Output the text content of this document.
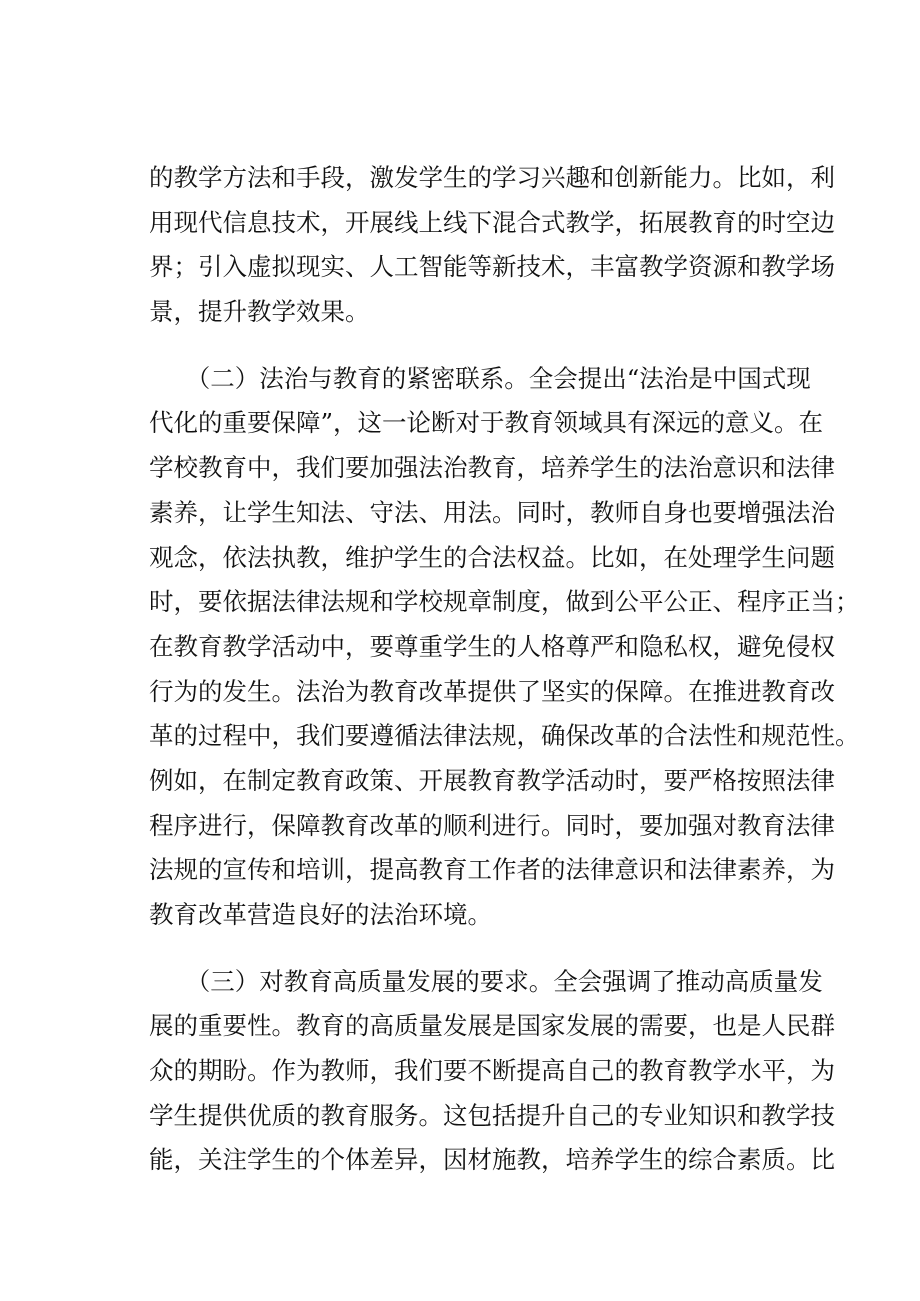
的教学方法和手段，激发学生的学习兴趣和创新能力。比如，利
用现代信息技术，开展线上线下混合式教学，拓展教育的时空边
界；引入虚拟现实、人工智能等新技术，丰富教学资源和教学场
景，提升教学效果。
　　（二）法治与教育的紧密联系。全会提出“法治是中国式现
代化的重要保障”，这一论断对于教育领域具有深远的意义。在
学校教育中，我们要加强法治教育，培养学生的法治意识和法律
素养，让学生知法、守法、用法。同时，教师自身也要增强法治
观念，依法执教，维护学生的合法权益。比如，在处理学生问题
时，要依据法律法规和学校规章制度，做到公平公正、程序正当；
在教育教学活动中，要尊重学生的人格尊严和隐私权，避免侵权
行为的发生。法治为教育改革提供了坚实的保障。在推进教育改
革的过程中，我们要遵循法律法规，确保改革的合法性和规范性。
例如，在制定教育政策、开展教育教学活动时，要严格按照法律
程序进行，保障教育改革的顺利进行。同时，要加强对教育法律
法规的宣传和培训，提高教育工作者的法律意识和法律素养，为
教育改革营造良好的法治环境。
　　（三）对教育高质量发展的要求。全会强调了推动高质量发
展的重要性。教育的高质量发展是国家发展的需要，也是人民群
众的期盼。作为教师，我们要不断提高自己的教育教学水平，为
学生提供优质的教育服务。这包括提升自己的专业知识和教学技
能，关注学生的个体差异，因材施教，培养学生的综合素质。比
